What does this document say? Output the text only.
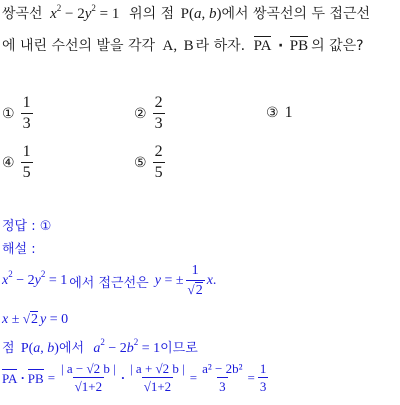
쌍곡선 $x^2 - 2y^2 = 1$ 위의 점 P(a, b)에서 쌍곡선의 두 접근선
에 내린 수선의 발을 각각 A, B 라 하자. PA · PB 의 값은?
① $\frac{1}{3}$	② $\frac{2}{3}$	③ 1
④ $\frac{1}{5}$	⑤ $\frac{2}{5}$
정답 : ①
해설 :
$x^2 - 2y^2 = 1$ 에서 접근선은 y = ± $\frac{1}{√2}$ x .
x ± √2 y = 0
점 P(a, b)에서 $a^2 - 2b^2 = 1$이므로
PA · PB = $\frac{| a - √2 b |}{√1+2} \cdot \frac{| a + √2 b |}{√1+2} = \frac{\text{a² − 2b²}}{3} = \frac{1}{3}$
